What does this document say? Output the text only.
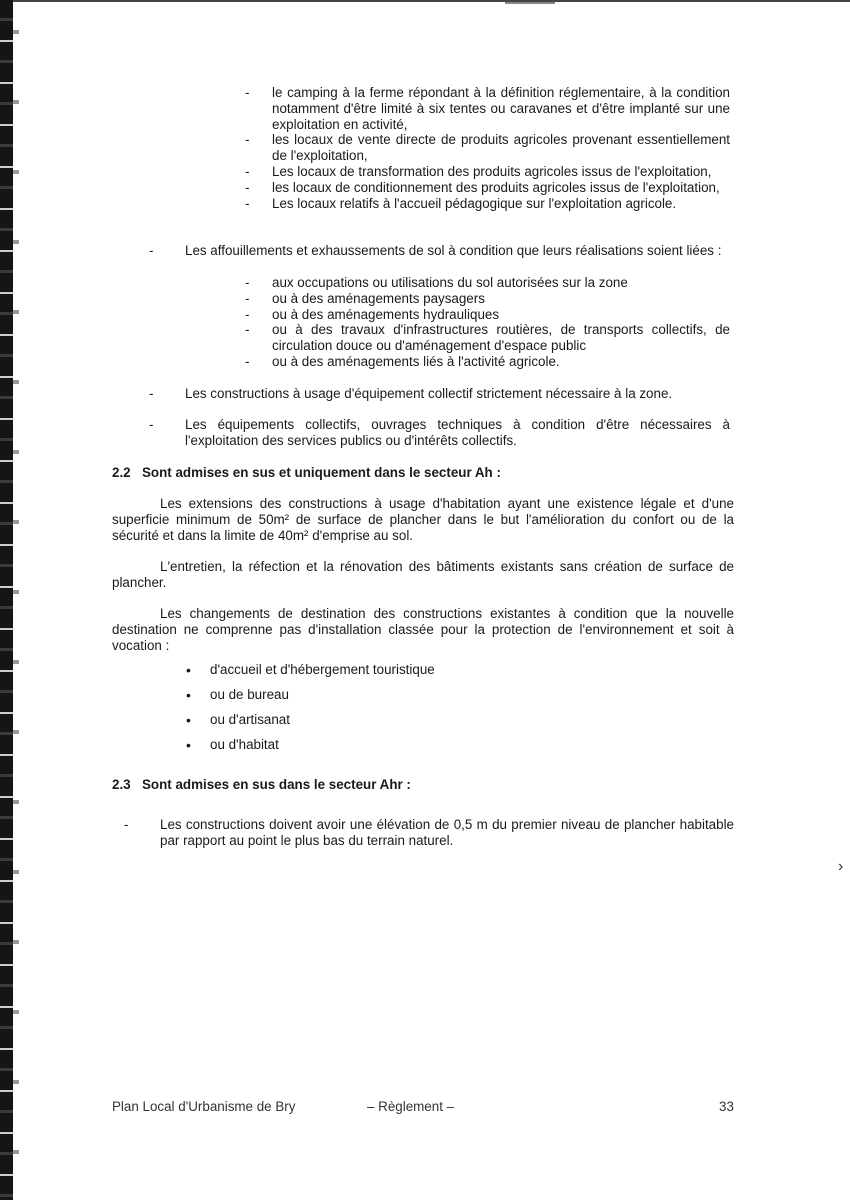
›
- le camping à la ferme répondant à la définition réglementaire, à la condition notamment d'être limité à six tentes ou caravanes et d'être implanté sur une exploitation en activité,
- les locaux de vente directe de produits agricoles provenant essentiellement de l'exploitation,
- Les locaux de transformation des produits agricoles issus de l'exploitation,
- les locaux de conditionnement des produits agricoles issus de l'exploitation,
- Les locaux relatifs à l'accueil pédagogique sur l'exploitation agricole.
- Les affouillements et exhaussements de sol à condition que leurs réalisations soient liées :
- aux occupations ou utilisations du sol autorisées sur la zone
- ou à des aménagements paysagers
- ou à des aménagements hydrauliques
- ou à des travaux d'infrastructures routières, de transports collectifs, de circulation douce ou d'aménagement d'espace public
- ou à des aménagements liés à l'activité agricole.
- Les constructions à usage d'équipement collectif strictement nécessaire à la zone.
- Les équipements collectifs, ouvrages techniques à condition d'être nécessaires à l'exploitation des services publics ou d'intérêts collectifs.
2.2 Sont admises en sus et uniquement dans le secteur Ah :
Les extensions des constructions à usage d'habitation ayant une existence légale et d'une superficie minimum de 50m² de surface de plancher dans le but l'amélioration du confort ou de la sécurité et dans la limite de 40m² d'emprise au sol.
L'entretien, la réfection et la rénovation des bâtiments existants sans création de surface de plancher.
Les changements de destination des constructions existantes à condition que la nouvelle destination ne comprenne pas d'installation classée pour la protection de l'environnement et soit à vocation :
• d'accueil et d'hébergement touristique
• ou de bureau
• ou d'artisanat
• ou d'habitat
2.3 Sont admises en sus dans le secteur Ahr :
- Les constructions doivent avoir une élévation de 0,5 m du premier niveau de plancher habitable par rapport au point le plus bas du terrain naturel.
Plan Local d'Urbanisme de Bry	– Règlement –	33
